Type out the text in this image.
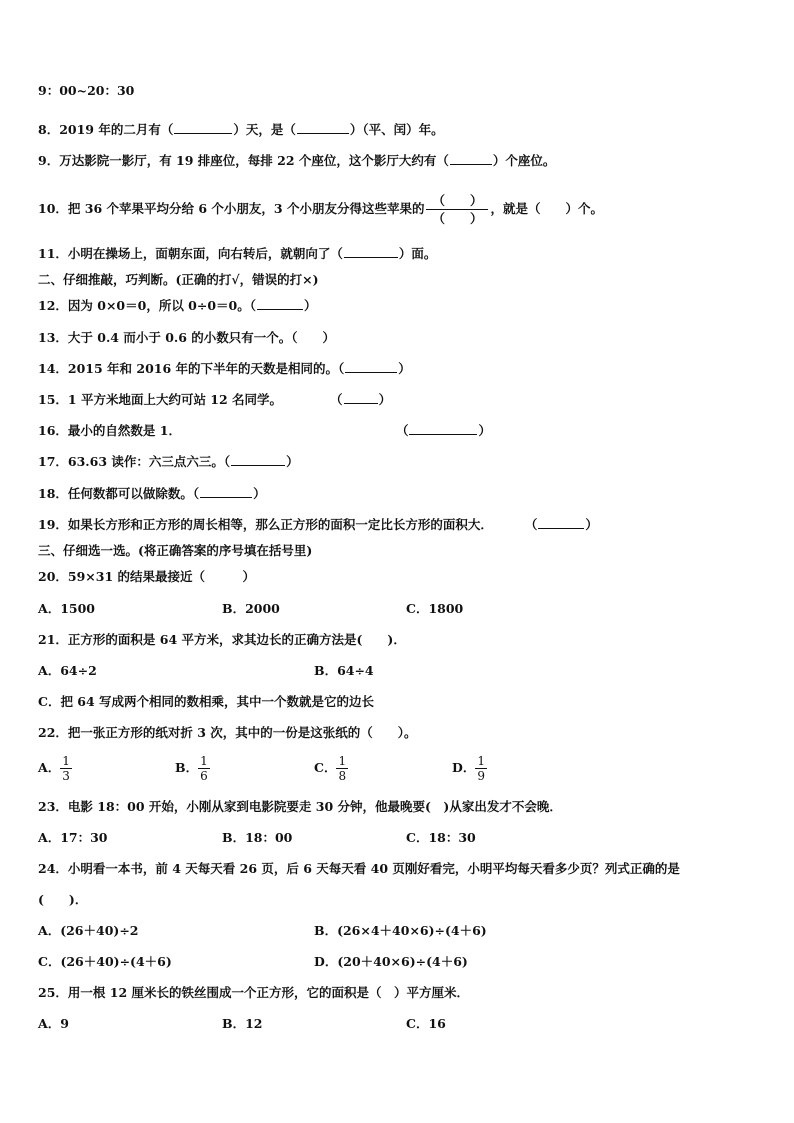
9：00~20：30
8．2019 年的二月有（	）天，是（	）（平、闰）年。
9．万达影院一影厅，有 19 排座位，每排 22 个座位，这个影厅大约有（	）个座位。
10．把 36 个苹果平均分给 6 个小朋友，3 个小朋友分得这些苹果的 $\frac{( )}{( )}$ ，就是（　　）个。
11．小明在操场上，面朝东面，向右转后，就朝向了（	）面。
二、仔细推敲，巧判断。(正确的打√，错误的打×)
12．因为 0×0＝0，所以 0÷0＝0。（	）
13．大于 0.4 而小于 0.6 的小数只有一个。（　　）
14．2015 年和 2016 年的下半年的天数是相同的。（	）
15．1 平方米地面上大约可站 12 名同学。	（	）
16．最小的自然数是 1．	（	）
17．63.63 读作：六三点六三。（	）
18．任何数都可以做除数。（	）
19．如果长方形和正方形的周长相等，那么正方形的面积一定比长方形的面积大．	（	）
三、仔细选一选。(将正确答案的序号填在括号里)
20．59×31 的结果最接近（　　　）
A．1500	B．2000	C．1800
21．正方形的面积是 64 平方米，求其边长的正确方法是(　　)．
A．64÷2	B．64÷4
C．把 64 写成两个相同的数相乘，其中一个数就是它的边长
22．把一张正方形的纸对折 3 次，其中的一份是这张纸的（　　）。
A． $\frac{1}{3}$	B． $\frac{1}{6}$	C． $\frac{1}{8}$	D． $\frac{1}{9}$
23．电影 18：00 开始，小刚从家到电影院要走 30 分钟，他最晚要(　)从家出发才不会晚．
A．17：30	B．18：00	C．18：30
24．小明看一本书，前 4 天每天看 26 页，后 6 天每天看 40 页刚好看完，小明平均每天看多少页？列式正确的是
(　　)．
A．(26＋40)÷2	B．(26×4＋40×6)÷(4＋6)
C．(26＋40)÷(4＋6)	D．(20＋40×6)÷(4＋6)
25．用一根 12 厘米长的铁丝围成一个正方形，它的面积是（　）平方厘米．
A．9	B．12	C．16
